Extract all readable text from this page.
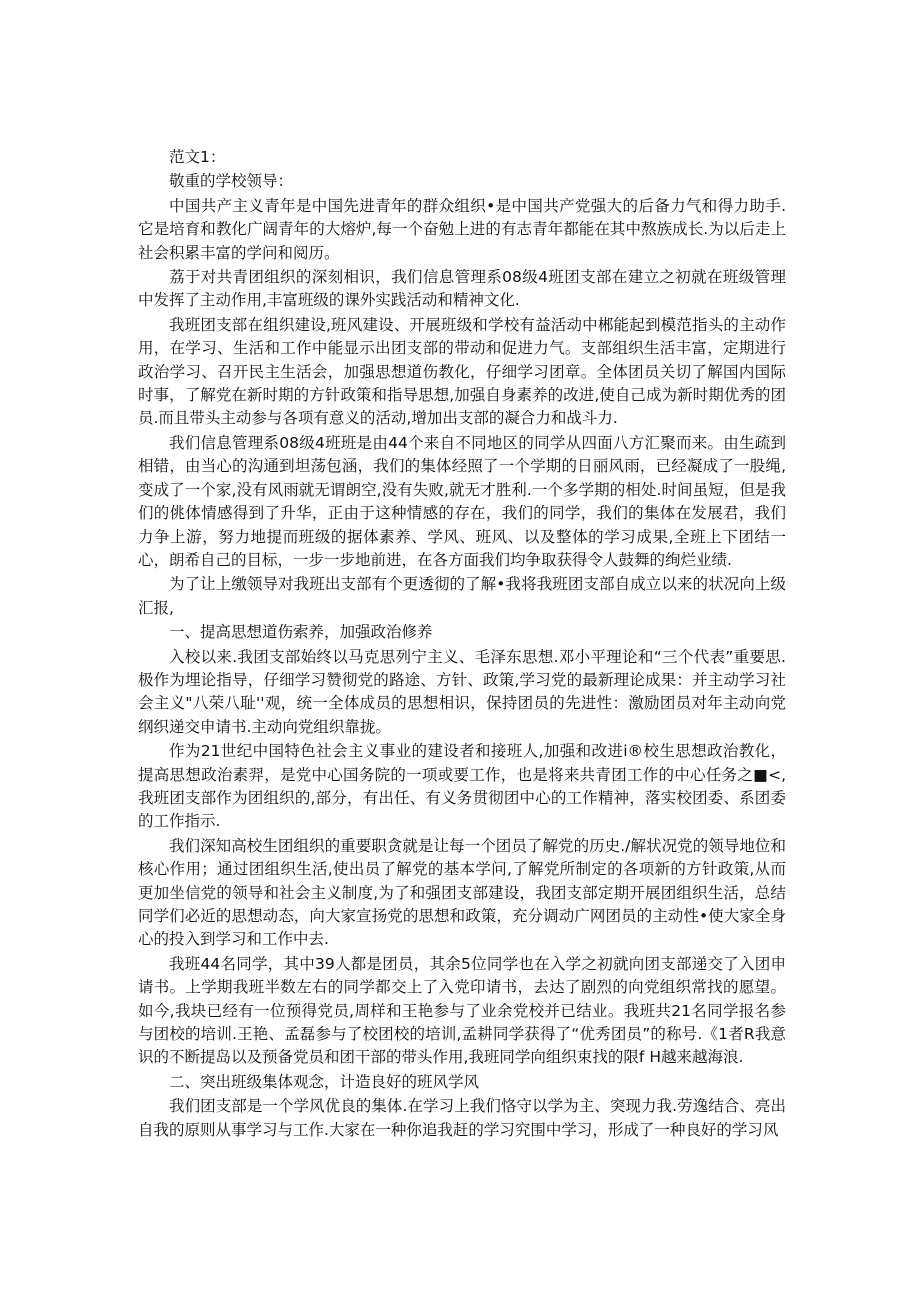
范文1：

敬重的学校领导：

中国共产主义青年是中国先进青年的群众组织•是中国共产党强大的后备力气和得力助手.它是培育和教化广阔青年的大熔炉,每一个奋勉上进的有志青年都能在其中熬族成长.为以后走上社会积累丰富的学问和阅历。

荔于对共青团组织的深刻相识，我们信息管理系08级4班团支部在建立之初就在班级管理中发挥了主动作用,丰富班级的课外实践活动和精神文化.

我班团支部在组织建设,班风建设、开展班级和学校有益活动中郴能起到模范指头的主动作用，在学习、生活和工作中能显示出团支部的带动和促进力气。支部组织生活丰富，定期进行政治学习、召开民主生活会，加强思想道伤教化，仔细学习团章。全体团员关切了解国内国际时事，了解党在新时期的方针政策和指导思想,加强自身素养的改进,使自己成为新时期优秀的团员.而且带头主动参与各项有意义的活动,增加出支部的凝合力和战斗力.

我们信息管理系08级4班班是由44个来自不同地区的同学从四面八方汇聚而来。由生疏到相错，由当心的沟通到坦荡包涵，我们的集体经照了一个学期的日丽风雨，已经凝成了一股绳,变成了一个家,没有风雨就无谓朗空,没有失败,就无才胜利.一个多学期的相处.时间虽短，但是我们的佻体情感得到了升华，正由于这种情感的存在，我们的同学，我们的集体在发展君，我们力争上游，努力地提而班级的据体素养、学风、班风、以及整体的学习成果,全班上下团结一心，朗希自己的目标，一步一步地前进，在各方面我们均争取获得令人鼓舞的绚烂业绩.

为了让上缴领导对我班出支部有个更透彻的了解•我将我班团支部自成立以来的状况向上级汇报,

一、提高思想道伤索养，加强政治修养

入校以来.我团支部始终以马克思列宁主义、毛泽东思想.邓小平理论和“三个代表”重要思.极作为埋论指导，仔细学习赞彻党的路途、方针、政策,学习党的最新理论成果：并主动学习社会主义"八荣八耻''观，统一全体成员的思想相识，保持团员的先进性：激励团员对年主动向党纲织递交申请书.主动向党组织靠拢。

作为21世纪中国特色社会主义事业的建设者和接班人,加强和改进i®校生思想政治教化，提高思想政治素羿，是党中心国务院的一项或要工作，也是将来共青团工作的中心任务之■<,我班团支部作为团组织的,部分，有出任、有义务贯彻团中心的工作精神，落实校团委、系团委的工作指示.

我们深知高校生团组织的重要职贪就是让每一个团员了解党的历史./解状况党的领导地位和核心作用；通过团组织生活,使出员了解党的基本学问,了解党所制定的各项新的方针政策,从而更加坐信党的领导和社会主义制度,为了和强团支部建设，我团支部定期开展团组织生活，总结同学们必近的思想动态，向大家宣扬党的思想和政策，充分调动广网团员的主动性•使大家全身心的投入到学习和工作中去.

我班44名同学，其中39人都是团员，其余5位同学也在入学之初就向团支部递交了入团申请书。上学期我班半数左右的同学都交上了入党印请书，去达了剧烈的向党组织常找的愿望。如今,我块已经有一位预得党员,周样和王艳参与了业余党校并已结业。我班共21名同学报名参与团校的培训.王艳、孟磊参与了校团校的培训,孟耕同学获得了“优秀团员”的称号.《1者R我意识的不断提岛以及预备党员和团干部的带头作用,我班同学向组织束找的限f H越来越海浪.

二、突出班级集体观念，计造良好的班风学风

我们团支部是一个学风优良的集体.在学习上我们恪守以学为主、突现力我.劳逸结合、亮出自我的原则从事学习与工作.大家在一种你追我赶的学习究围中学习，形成了一种良好的学习风
